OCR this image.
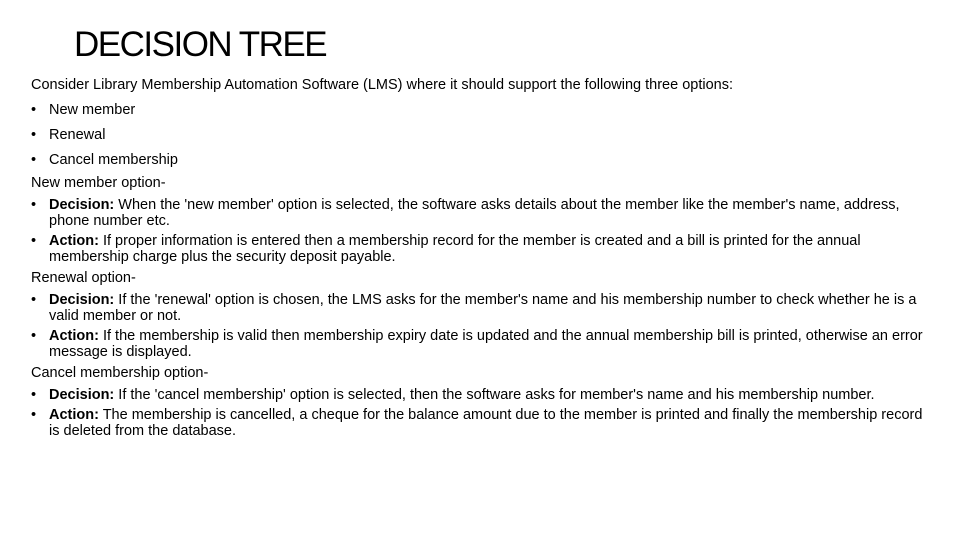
DECISION TREE
Consider Library Membership Automation Software (LMS) where it should support the following three options:
• New member
• Renewal
• Cancel membership
New member option-
• Decision: When the 'new member' option is selected, the software asks details about the member like the member's name, address, phone number etc.
• Action: If proper information is entered then a membership record for the member is created and a bill is printed for the annual membership charge plus the security deposit payable.
Renewal option-
• Decision: If the 'renewal' option is chosen, the LMS asks for the member's name and his membership number to check whether he is a valid member or not.
• Action: If the membership is valid then membership expiry date is updated and the annual membership bill is printed, otherwise an error message is displayed.
Cancel membership option-
• Decision: If the 'cancel membership' option is selected, then the software asks for member's name and his membership number.
• Action: The membership is cancelled, a cheque for the balance amount due to the member is printed and finally the membership record is deleted from the database.
